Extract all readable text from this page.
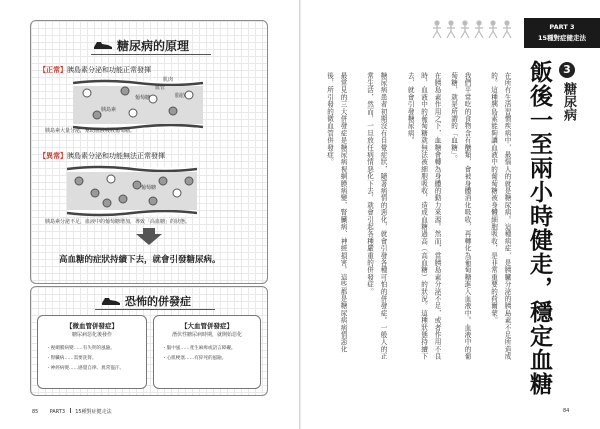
糖尿病的原理
【正常】胰島素分泌和功能正常發揮
肌肉
脂肪
血管
胰島素
葡萄糖
胰島素大量分泌，幫助血液吸收葡萄糖。
【異常】胰島素分泌和功能無法正常發揮
葡萄糖
胰島素分泌不足，血液中的葡萄糖增加，導致「高血糖」的狀態。
高血糖的症狀持續下去，就會引發糖尿病。
恐怖的併發症
【微血管併發症】
糖尿病惡化後發作
・視網膜病變……有失明的風險。
・腎臟病……需要洗腎。
・神經病變……感覺自律、異常盜汗。
【大血管併發症】
潛伏性糖尿病時期，就開始惡化
・腦中風……產生麻痺或語言障礙。
・心肌梗塞……有猝死的風險。
85 PART3 15種對症健走法
PART 3
15種對症健走法
3
糖尿病
飯後一至兩小時健走，穩定血糖
在所有生活習慣疾病中，最惱人的就是糖尿病。這種病症，是胰臟分泌的胰島素不足所造成的。這種胰島素能夠讓血液中的葡萄糖被身體細胞吸收，是非常重要的荷爾蒙。
我們平常吃的食物含有醣類，會被身體消化吸收，再轉化為葡萄糖進入血液中。血液中的葡萄糖，就是所謂的「血糖」。
在胰島素作用之下，血糖會轉為身體的動力來源。然而，當胰島素分泌不足，或者作用不良時，血液中的葡萄糖就無法被細胞吸收，造成血糖過高（高血糖）的狀況。這種狀態持續下去，就會引發糖尿病。
糖尿病患者初期沒有自覺症狀，隨著病情的惡化，就會引發各種可怕的併發症。一般人的正常生活，然而，一旦放任病情惡化下去，就會引起各種嚴重的併發症。
最常見的三大併發症是糖尿病視網膜病變、腎臟病、神經損害。這些都是糖尿病病情惡化後，所引發的微血管併發症。
84
